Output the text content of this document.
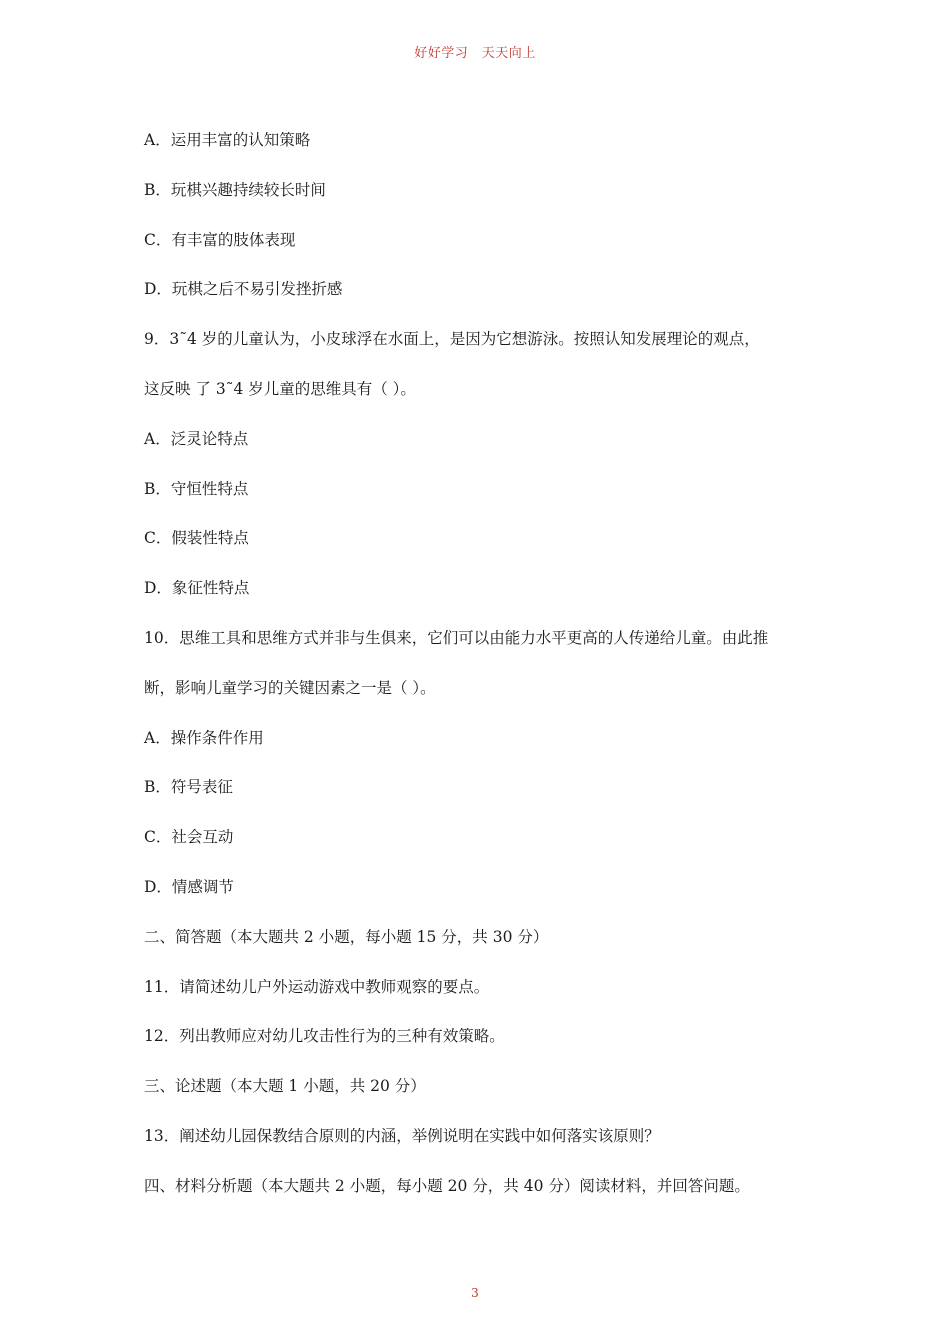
好好学习　天天向上
A．运用丰富的认知策略
B．玩棋兴趣持续较长时间
C．有丰富的肢体表现
D．玩棋之后不易引发挫折感
9．3˜4 岁的儿童认为，小皮球浮在水面上，是因为它想游泳。按照认知发展理论的观点，
这反映 了 3˜4 岁儿童的思维具有（ ）。
A．泛灵论特点
B．守恒性特点
C．假装性特点
D．象征性特点
10．思维工具和思维方式并非与生俱来，它们可以由能力水平更高的人传递给儿童。由此推
断，影响儿童学习的关键因素之一是（ ）。
A．操作条件作用
B．符号表征
C．社会互动
D．情感调节
二、简答题（本大题共 2 小题，每小题 15 分，共 30 分）
11．请简述幼儿户外运动游戏中教师观察的要点。
12．列出教师应对幼儿攻击性行为的三种有效策略。
三、论述题（本大题 1 小题，共 20 分）
13．阐述幼儿园保教结合原则的内涵，举例说明在实践中如何落实该原则？
四、材料分析题（本大题共 2 小题，每小题 20 分，共 40 分）阅读材料，并回答问题。
3
